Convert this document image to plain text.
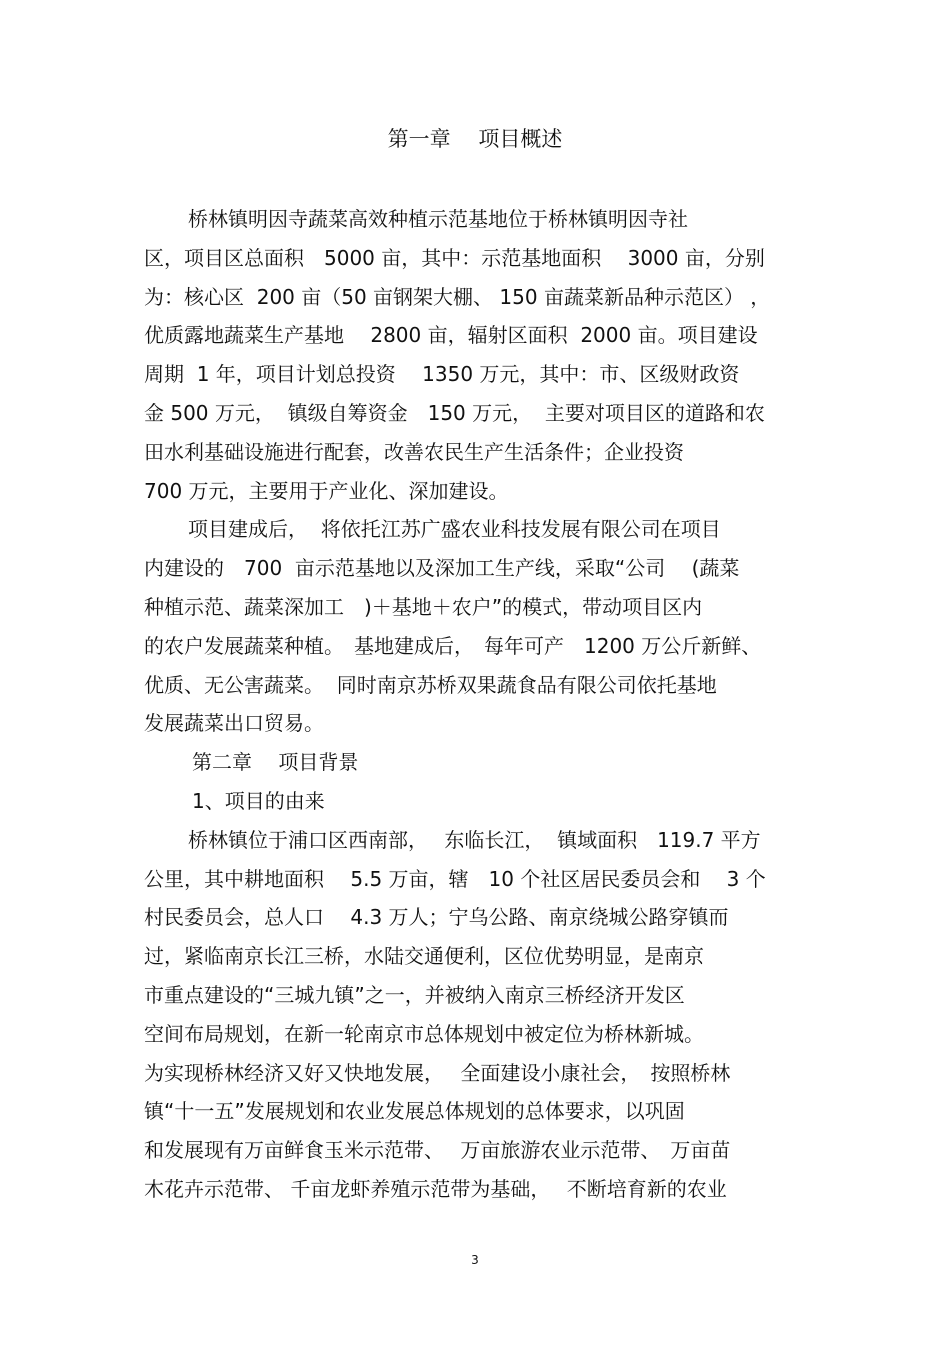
第一章　 项目概述
桥林镇明因寺蔬菜高效种植示范基地位于桥林镇明因寺社
区，项目区总面积　5000 亩，其中：示范基地面积　 3000 亩，分别
为：核心区  200 亩（50 亩钢架大棚、 150 亩蔬菜新品种示范区） ，
优质露地蔬菜生产基地　 2800 亩，辐射区面积  2000 亩。项目建设
周期  1 年，项目计划总投资　 1350 万元，其中：市、区级财政资
金 500 万元，  镇级自筹资金　150 万元，  主要对项目区的道路和农
田水利基础设施进行配套，改善农民生产生活条件；企业投资
700 万元，主要用于产业化、深加建设。
项目建成后，  将依托江苏广盛农业科技发展有限公司在项目
内建设的　700  亩示范基地以及深加工生产线，采取“公司　 (蔬菜
种植示范、蔬菜深加工　)＋基地＋农户”的模式，带动项目区内
的农户发展蔬菜种植。　基地建成后，　每年可产　1200 万公斤新鲜、
优质、无公害蔬菜。  同时南京苏桥双果蔬食品有限公司依托基地
发展蔬菜出口贸易。
第二章　 项目背景
1、项目的由来
桥林镇位于浦口区西南部，　 东临长江，  镇域面积　119.7 平方
公里，其中耕地面积　 5.5 万亩，辖　10 个社区居民委员会和　 3 个
村民委员会，总人口　 4.3 万人；宁乌公路、南京绕城公路穿镇而
过，紧临南京长江三桥，水陆交通便利，区位优势明显，是南京
市重点建设的“三城九镇”之一，并被纳入南京三桥经济开发区
空间布局规划，在新一轮南京市总体规划中被定位为桥林新城。
为实现桥林经济又好又快地发展，　 全面建设小康社会，　按照桥林
镇“十一五”发展规划和农业发展总体规划的总体要求，以巩固
和发展现有万亩鲜食玉米示范带、　 万亩旅游农业示范带、　万亩苗
木花卉示范带、 千亩龙虾养殖示范带为基础，　 不断培育新的农业
3
